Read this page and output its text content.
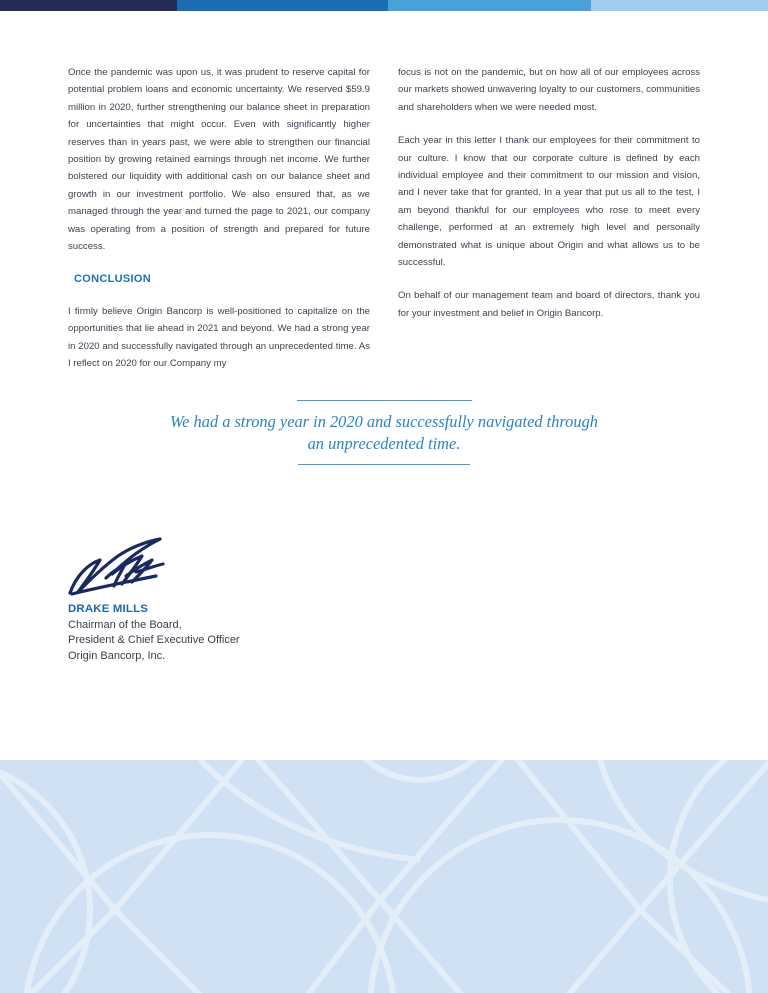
Once the pandemic was upon us, it was prudent to reserve capital for potential problem loans and economic uncertainty. We reserved $59.9 million in 2020, further strengthening our balance sheet in preparation for uncertainties that might occur. Even with significantly higher reserves than in years past, we were able to strengthen our financial position by growing retained earnings through net income. We further bolstered our liquidity with additional cash on our balance sheet and growth in our investment portfolio. We also ensured that, as we managed through the year and turned the page to 2021, our company was operating from a position of strength and prepared for future success.

CONCLUSION

I firmly believe Origin Bancorp is well-positioned to capitalize on the opportunities that lie ahead in 2021 and beyond. We had a strong year in 2020 and successfully navigated through an unprecedented time. As I reflect on 2020 for our Company my

focus is not on the pandemic, but on how all of our employees across our markets showed unwavering loyalty to our customers, communities and shareholders when we were needed most.

Each year in this letter I thank our employees for their commitment to our culture. I know that our corporate culture is defined by each individual employee and their commitment to our mission and vision, and I never take that for granted. In a year that put us all to the test, I am beyond thankful for our employees who rose to meet every challenge, performed at an extremely high level and personally demonstrated what is unique about Origin and what allows us to be successful.

On behalf of our management team and board of directors, thank you for your investment and belief in Origin Bancorp.

We had a strong year in 2020 and successfully navigated through
an unprecedented time.
DRAKE MILLS
Chairman of the Board,
President & Chief Executive Officer
Origin Bancorp, Inc.
